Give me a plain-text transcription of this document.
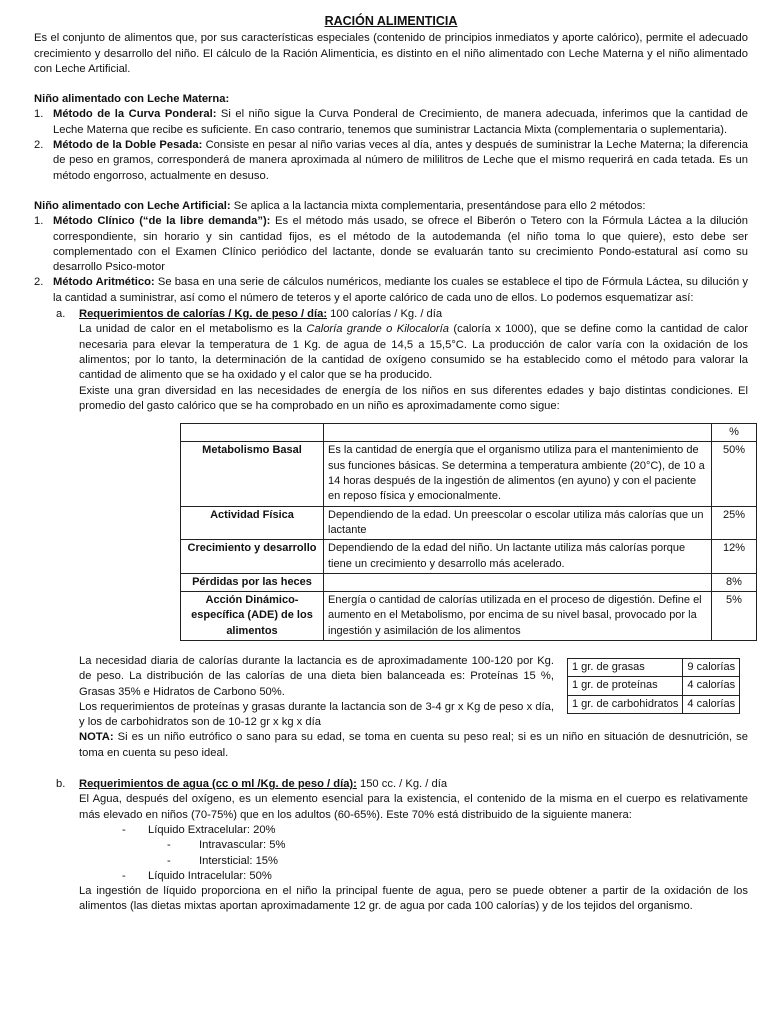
RACIÓN ALIMENTICIA

Es el conjunto de alimentos que, por sus características especiales (contenido de principios inmediatos y aporte calórico), permite el adecuado crecimiento y desarrollo del niño. El cálculo de la Ración Alimenticia, es distinto en el niño alimentado con Leche Materna y el niño alimentado con Leche Artificial.

Niño alimentado con Leche Materna:

1. Método de la Curva Ponderal: Si el niño sigue la Curva Ponderal de Crecimiento, de manera adecuada, inferimos que la cantidad de Leche Materna que recibe es suficiente. En caso contrario, tenemos que suministrar Lactancia Mixta (complementaria o suplementaria).
2. Método de la Doble Pesada: Consiste en pesar al niño varias veces al día, antes y después de suministrar la Leche Materna; la diferencia de peso en gramos, corresponderá de manera aproximada al número de mililitros de Leche que el mismo requerirá en cada tetada. Es un método engorroso, actualmente en desuso.

Niño alimentado con Leche Artificial: Se aplica a la lactancia mixta complementaria, presentándose para ello 2 métodos:

1. Método Clínico (“de la libre demanda”): Es el método más usado, se ofrece el Biberón o Tetero con la Fórmula Láctea a la dilución correspondiente, sin horario y sin cantidad fijos, es el método de la autodemanda (el niño toma lo que quiere), esto debe ser complementado con el Examen Clínico periódico del lactante, donde se evaluarán tanto su crecimiento Pondo-estatural así como su desarrollo Psico-motor
2. Método Aritmético: Se basa en una serie de cálculos numéricos, mediante los cuales se establece el tipo de Fórmula Láctea, su dilución y la cantidad a suministrar, así como el número de teteros y el aporte calórico de cada uno de ellos. Lo podemos esquematizar así:
a. Requerimientos de calorías / Kg. de peso / día: 100 calorías / Kg. / día

La unidad de calor en el metabolismo es la Caloría grande o Kilocaloría (caloría x 1000), que se define como la cantidad de calor necesaria para elevar la temperatura de 1 Kg. de agua de 14,5 a 15,5°C. La producción de calor varía con la oxidación de los alimentos; por lo tanto, la determinación de la cantidad de oxígeno consumido se ha establecido como el método para valorar la cantidad de alimento que se ha oxidado y el calor que se ha producido.

Existe una gran diversidad en las necesidades de energía de los niños en sus diferentes edades y bajo distintas condiciones. El promedio del gasto calórico que se ha comprobado en un niño es aproximadamente como sigue:

		%
Metabolismo Basal	Es la cantidad de energía que el organismo utiliza para el mantenimiento de sus funciones básicas. Se determina a temperatura ambiente (20°C), de 10 a 14 horas después de la ingestión de alimentos (en ayuno) y con el paciente en reposo física y emocionalmente.	50%
Actividad Física	Dependiendo de la edad. Un preescolar o escolar utiliza más calorías que un lactante	25%
Crecimiento y desarrollo	Dependiendo de la edad del niño. Un lactante utiliza más calorías porque tiene un crecimiento y desarrollo más acelerado.	12%
Pérdidas por las heces		8%
Acción Dinámico-específica (ADE) de los alimentos	Energía o cantidad de calorías utilizada en el proceso de digestión. Define el aumento en el Metabolismo, por encima de su nivel basal, provocado por la ingestión y asimilación de los alimentos	5%

La necesidad diaria de calorías durante la lactancia es de aproximadamente 100-120 por Kg. de peso. La distribución de las calorías de una dieta bien balanceada es: Proteínas 15 %, Grasas 35% e Hidratos de Carbono 50%.

Los requerimientos de proteínas y grasas durante la lactancia son de 3-4 gr x Kg de peso x día, y los de carbohidratos son de 10-12 gr x kg x día

1 gr. de grasas	9 calorías
1 gr. de proteínas	4 calorías
1 gr. de carbohidratos	4 calorías

NOTA: Si es un niño eutrófico o sano para su edad, se toma en cuenta su peso real; si es un niño en situación de desnutrición, se toma en cuenta su peso ideal.

b. Requerimientos de agua (cc o ml /Kg. de peso / día): 150 cc. / Kg. / día

El Agua, después del oxígeno, es un elemento esencial para la existencia, el contenido de la misma en el cuerpo es relativamente más elevado en niños (70-75%) que en los adultos (60-65%). Este 70% está distribuido de la siguiente manera:

- Líquido Extracelular: 20%
-	Intravascular: 5%
-	Intersticial: 15%
- Líquido Intracelular: 50%

La ingestión de líquido proporciona en el niño la principal fuente de agua, pero se puede obtener a partir de la oxidación de los alimentos (las dietas mixtas aportan aproximadamente 12 gr. de agua por cada 100 calorías) y de los tejidos del organismo.
